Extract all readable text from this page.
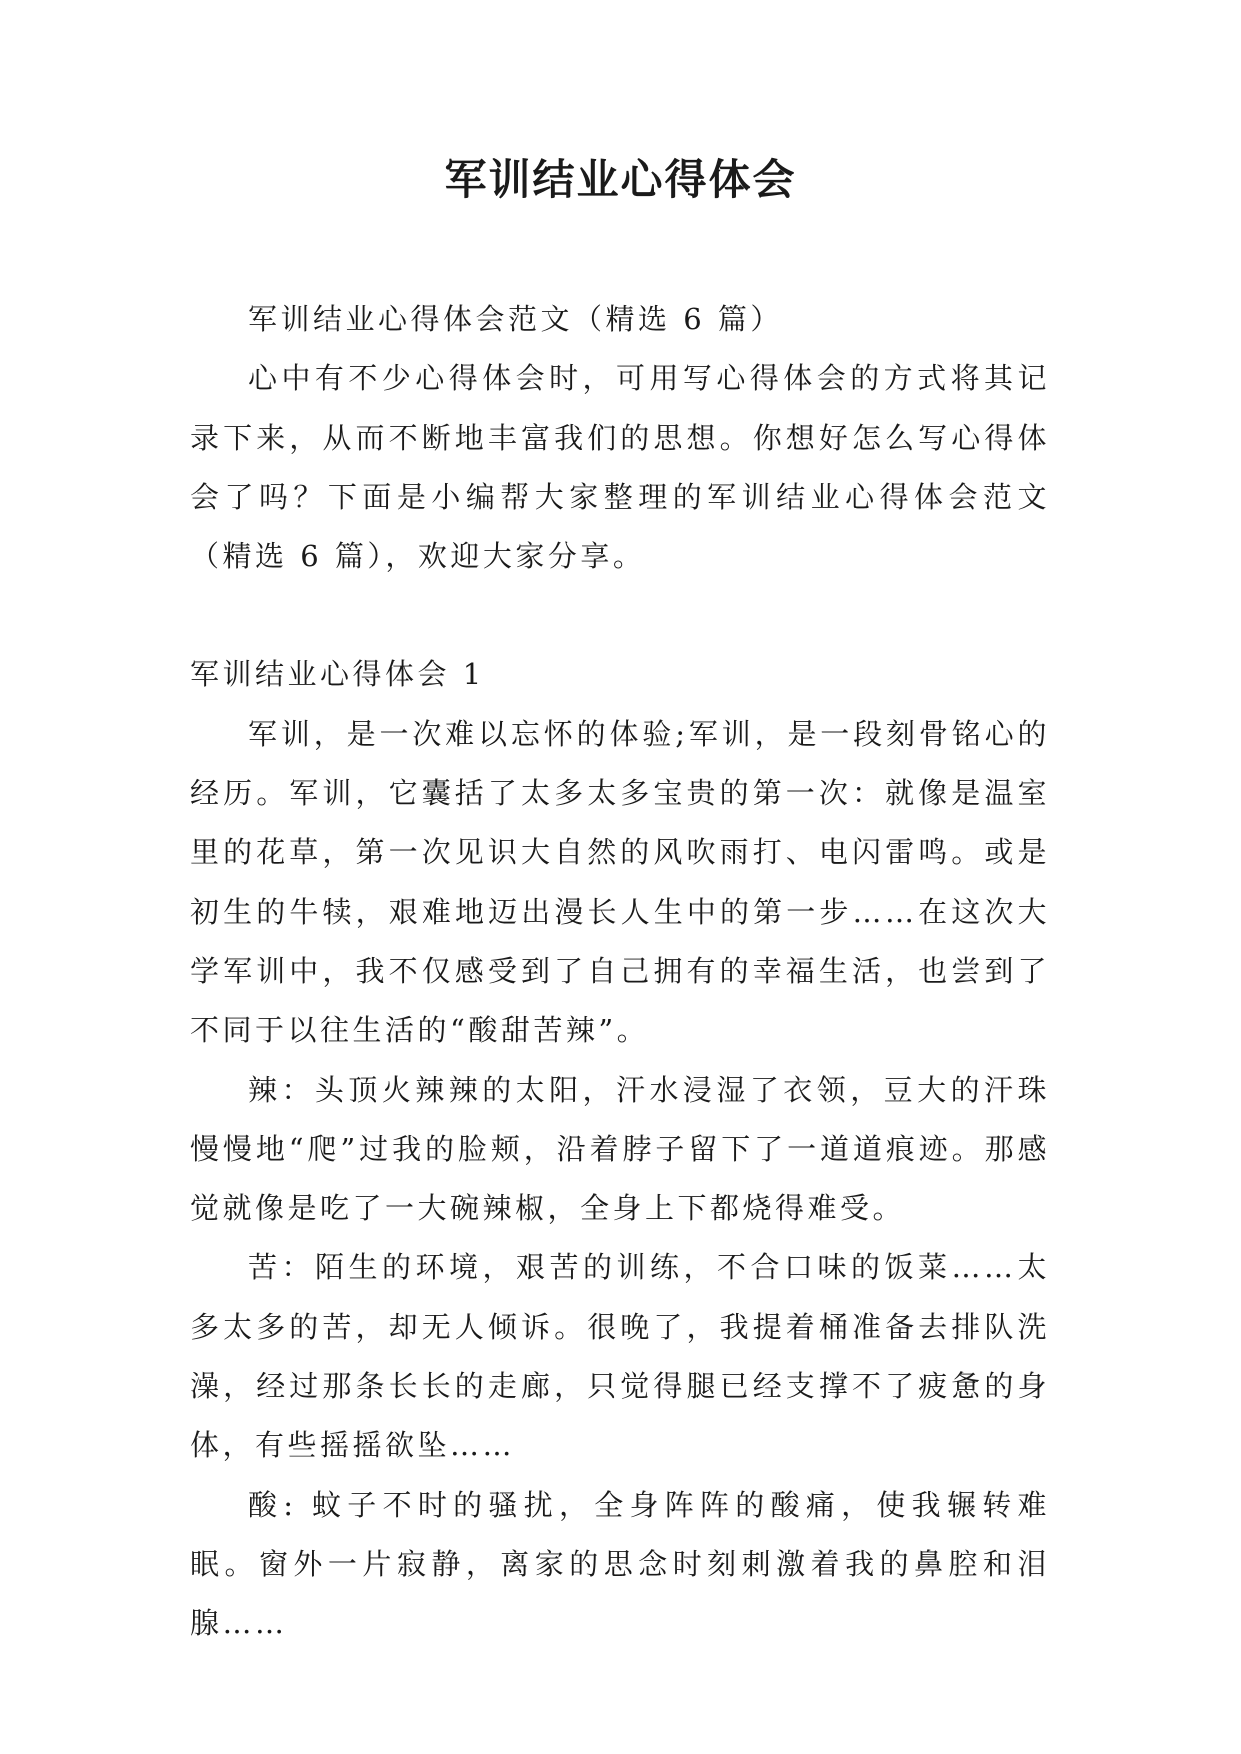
军训结业心得体会

军训结业心得体会范文（精选 6 篇）

心中有不少心得体会时，可用写心得体会的方式将其记录下来，从而不断地丰富我们的思想。你想好怎么写心得体会了吗？下面是小编帮大家整理的军训结业心得体会范文（精选 6 篇），欢迎大家分享。

军训结业心得体会 1

军训，是一次难以忘怀的体验;军训，是一段刻骨铭心的经历。军训，它囊括了太多太多宝贵的第一次：就像是温室里的花草，第一次见识大自然的风吹雨打、电闪雷鸣。或是初生的牛犊，艰难地迈出漫长人生中的第一步……在这次大学军训中，我不仅感受到了自己拥有的幸福生活，也尝到了不同于以往生活的“酸甜苦辣”。

辣：头顶火辣辣的太阳，汗水浸湿了衣领，豆大的汗珠慢慢地“爬”过我的脸颊，沿着脖子留下了一道道痕迹。那感觉就像是吃了一大碗辣椒，全身上下都烧得难受。

苦：陌生的环境，艰苦的训练，不合口味的饭菜……太多太多的苦，却无人倾诉。很晚了，我提着桶准备去排队洗澡，经过那条长长的走廊，只觉得腿已经支撑不了疲惫的身体，有些摇摇欲坠……

酸: 蚊子不时的骚扰，全身阵阵的酸痛，使我辗转难眠。窗外一片寂静，离家的思念时刻刺激着我的鼻腔和泪腺……
